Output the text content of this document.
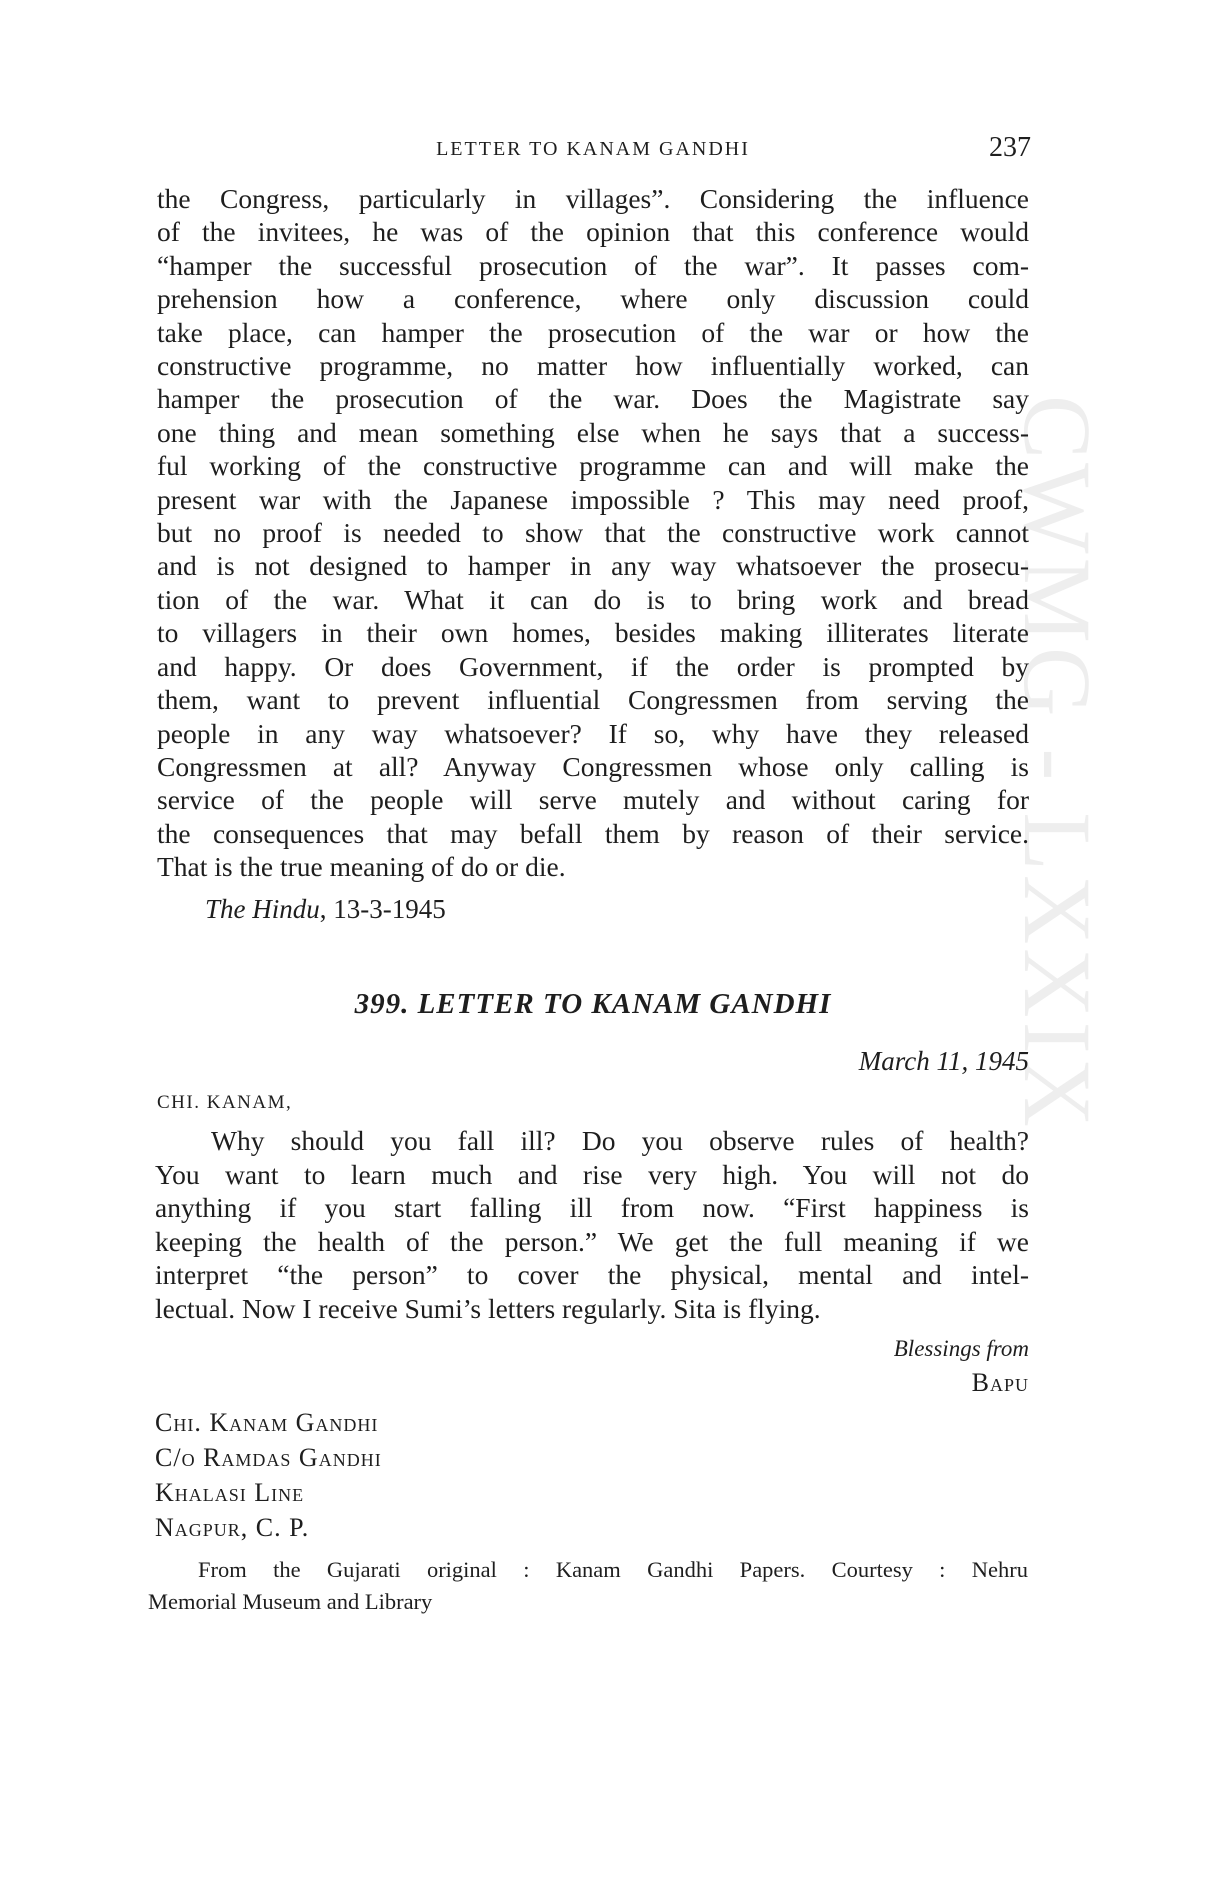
CWMG - LXXIX
LETTER TO KANAM GANDHI	237

the Congress, particularly in villages”. Considering the influence
of the invitees, he was of the opinion that this conference would
“hamper the successful prosecution of the war”. It passes com-
prehension how a conference, where only discussion could
take place, can hamper the prosecution of the war or how the
constructive programme, no matter how influentially worked, can
hamper the prosecution of the war. Does the Magistrate say
one thing and mean something else when he says that a success-
ful working of the constructive programme can and will make the
present war with the Japanese impossible ? This may need proof,
but no proof is needed to show that the constructive work cannot
and is not designed to hamper in any way whatsoever the prosecu-
tion of the war. What it can do is to bring work and bread
to villagers in their own homes, besides making illiterates literate
and happy. Or does Government, if the order is prompted by
them, want to prevent influential Congressmen from serving the
people in any way whatsoever? If so, why have they released
Congressmen at all? Anyway Congressmen whose only calling is
service of the people will serve mutely and without caring for
the consequences that may befall them by reason of their service.
That is the true meaning of do or die.

The Hindu, 13-3-1945

399. LETTER TO KANAM GANDHI

March 11, 1945

CHI. KANAM,

Why should you fall ill? Do you observe rules of health?
You want to learn much and rise very high. You will not do
anything if you start falling ill from now. “First happiness is
keeping the health of the person.” We get the full meaning if we
interpret “the person” to cover the physical, mental and intel-
lectual. Now I receive Sumi’s letters regularly. Sita is flying.

Blessings from

Bapu

Chi. Kanam Gandhi
C/o Ramdas Gandhi
Khalasi Line
Nagpur, C. P.

From the Gujarati original : Kanam Gandhi Papers. Courtesy : Nehru
Memorial Museum and Library
